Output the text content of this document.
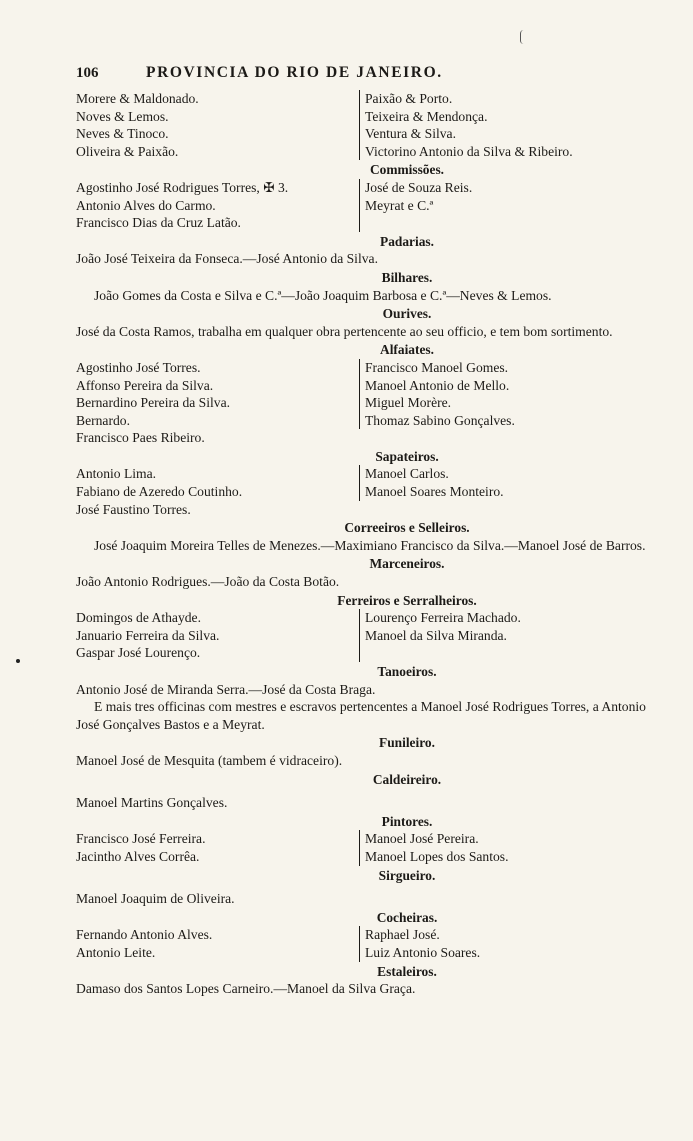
106	PROVINCIA DO RIO DE JANEIRO.
Morere & Maldonado.
Noves & Lemos.
Neves & Tinoco.
Oliveira & Paixão.
Paixão & Porto.
Teixeira & Mendonça.
Ventura & Silva.
Victorino Antonio da Silva & Ribeiro.
Commissões.
Agostinho José Rodrigues Torres, ✠ 3.
Antonio Alves do Carmo.
Francisco Dias da Cruz Latão.
José de Souza Reis.
Meyrat e C.ª
Padarias.
João José Teixeira da Fonseca.—José Antonio da Silva.
Bilhares.
João Gomes da Costa e Silva e C.ª—João Joaquim Barbosa e C.ª—Neves & Lemos.
Ourives.
José da Costa Ramos, trabalha em qualquer obra pertencente ao seu officio, e tem bom sortimento.
Alfaiates.
Agostinho José Torres.
Affonso Pereira da Silva.
Bernardino Pereira da Silva.
Bernardo.
Francisco Paes Ribeiro.
Francisco Manoel Gomes.
Manoel Antonio de Mello.
Miguel Morère.
Thomaz Sabino Gonçalves.
Sapateiros.
Antonio Lima.
Fabiano de Azeredo Coutinho.
José Faustino Torres.
Manoel Carlos.
Manoel Soares Monteiro.
Correeiros e Selleiros.
José Joaquim Moreira Telles de Menezes.—Maximiano Francisco da Silva.—Manoel José de Barros.
Marceneiros.
João Antonio Rodrigues.—João da Costa Botão.
Ferreiros e Serralheiros.
Domingos de Athayde.
Januario Ferreira da Silva.
Gaspar José Lourenço.
Lourenço Ferreira Machado.
Manoel da Silva Miranda.
Tanoeiros.
Antonio José de Miranda Serra.—José da Costa Braga.
E mais tres officinas com mestres e escravos pertencentes a Manoel José Rodrigues Torres, a Antonio José Gonçalves Bastos e a Meyrat.
Funileiro.
Manoel José de Mesquita (tambem é vidraceiro).
Caldeireiro.
Manoel Martins Gonçalves.
Pintores.
Francisco José Ferreira.
Jacintho Alves Corrêa.
Manoel José Pereira.
Manoel Lopes dos Santos.
Sirgueiro.
Manoel Joaquim de Oliveira.
Cocheiras.
Fernando Antonio Alves.
Antonio Leite.
Raphael José.
Luiz Antonio Soares.
Estaleiros.
Damaso dos Santos Lopes Carneiro.—Manoel da Silva Graça.
